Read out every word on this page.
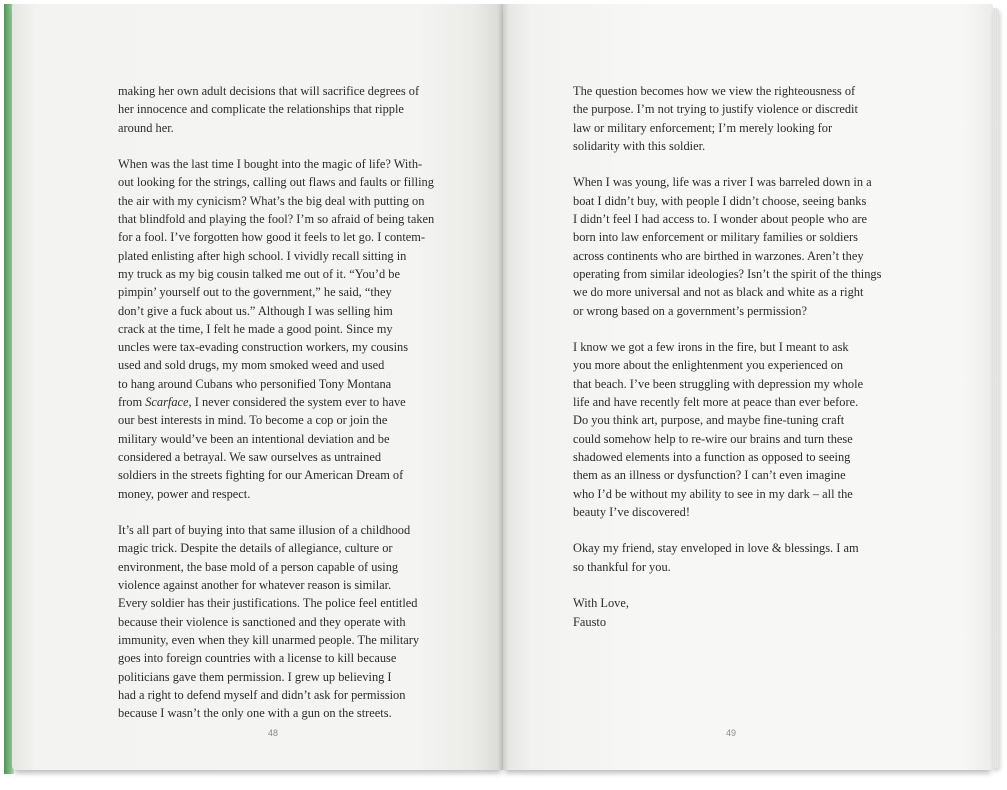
making her own adult decisions that will sacrifice degrees of
her innocence and complicate the relationships that ripple
around her.
When was the last time I bought into the magic of life? With-
out looking for the strings, calling out flaws and faults or filling
the air with my cynicism? What’s the big deal with putting on
that blindfold and playing the fool? I’m so afraid of being taken
for a fool. I’ve forgotten how good it feels to let go. I contem-
plated enlisting after high school. I vividly recall sitting in
my truck as my big cousin talked me out of it. “You’d be
pimpin’ yourself out to the government,” he said, “they
don’t give a fuck about us.” Although I was selling him
crack at the time, I felt he made a good point. Since my
uncles were tax-evading construction workers, my cousins
used and sold drugs, my mom smoked weed and used
to hang around Cubans who personified Tony Montana
from Scarface, I never considered the system ever to have
our best interests in mind. To become a cop or join the
military would’ve been an intentional deviation and be
considered a betrayal. We saw ourselves as untrained
soldiers in the streets fighting for our American Dream of
money, power and respect.
It’s all part of buying into that same illusion of a childhood
magic trick. Despite the details of allegiance, culture or
environment, the base mold of a person capable of using
violence against another for whatever reason is similar.
Every soldier has their justifications. The police feel entitled
because their violence is sanctioned and they operate with
immunity, even when they kill unarmed people. The military
goes into foreign countries with a license to kill because
politicians gave them permission. I grew up believing I
had a right to defend myself and didn’t ask for permission
because I wasn’t the only one with a gun on the streets.
48
The question becomes how we view the righteousness of
the purpose. I’m not trying to justify violence or discredit
law or military enforcement; I’m merely looking for
solidarity with this soldier.
When I was young, life was a river I was barreled down in a
boat I didn’t buy, with people I didn’t choose, seeing banks
I didn’t feel I had access to. I wonder about people who are
born into law enforcement or military families or soldiers
across continents who are birthed in warzones. Aren’t they
operating from similar ideologies? Isn’t the spirit of the things
we do more universal and not as black and white as a right
or wrong based on a government’s permission?
I know we got a few irons in the fire, but I meant to ask
you more about the enlightenment you experienced on
that beach. I’ve been struggling with depression my whole
life and have recently felt more at peace than ever before.
Do you think art, purpose, and maybe fine-tuning craft
could somehow help to re-wire our brains and turn these
shadowed elements into a function as opposed to seeing
them as an illness or dysfunction? I can’t even imagine
who I’d be without my ability to see in my dark – all the
beauty I’ve discovered!
Okay my friend, stay enveloped in love & blessings. I am
so thankful for you.
With Love,
Fausto
49
